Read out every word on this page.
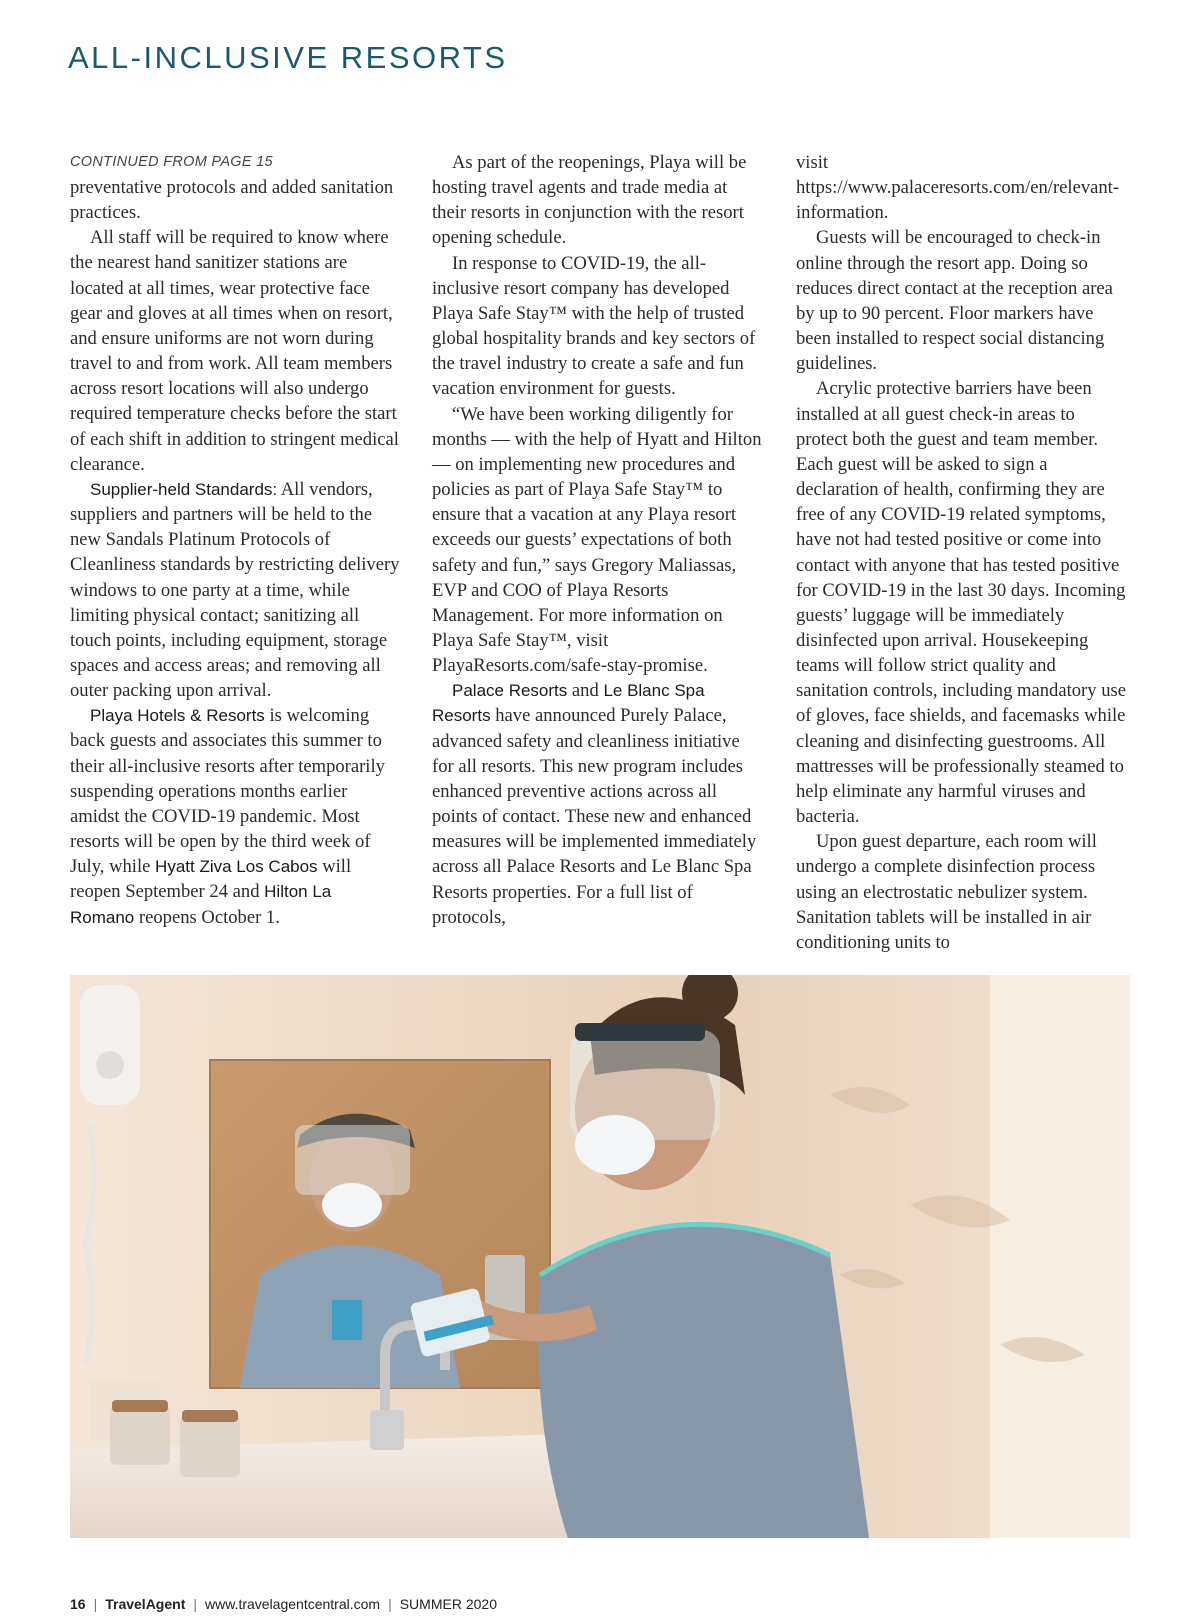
ALL-INCLUSIVE RESORTS
CONTINUED FROM PAGE 15

preventative protocols and added sanitation practices.

All staff will be required to know where the nearest hand sanitizer stations are located at all times, wear protective face gear and gloves at all times when on resort, and ensure uniforms are not worn during travel to and from work. All team members across resort locations will also undergo required temperature checks before the start of each shift in addition to stringent medical clearance.

Supplier-held Standards: All vendors, suppliers and partners will be held to the new Sandals Platinum Protocols of Cleanliness standards by restricting delivery windows to one party at a time, while limiting physical contact; sanitizing all touch points, including equipment, storage spaces and access areas; and removing all outer packing upon arrival.

Playa Hotels & Resorts is welcoming back guests and associates this summer to their all-inclusive resorts after temporarily suspending operations months earlier amidst the COVID-19 pandemic. Most resorts will be open by the third week of July, while Hyatt Ziva Los Cabos will reopen September 24 and Hilton La Romano reopens October 1.

As part of the reopenings, Playa will be hosting travel agents and trade media at their resorts in conjunction with the resort opening schedule.

In response to COVID-19, the all-inclusive resort company has developed Playa Safe Stay™ with the help of trusted global hospitality brands and key sectors of the travel industry to create a safe and fun vacation environment for guests.

“We have been working diligently for months — with the help of Hyatt and Hilton — on implementing new procedures and policies as part of Playa Safe Stay™ to ensure that a vacation at any Playa resort exceeds our guests’ expectations of both safety and fun,” says Gregory Maliassas, EVP and COO of Playa Resorts Management. For more information on Playa Safe Stay™, visit PlayaResorts.com/safe-stay-promise.

Palace Resorts and Le Blanc Spa Resorts have announced Purely Palace, advanced safety and cleanliness initiative for all resorts. This new program includes enhanced preventive actions across all points of contact. These new and enhanced measures will be implemented immediately across all Palace Resorts and Le Blanc Spa Resorts properties. For a full list of protocols,

visit https://www.palaceresorts.com/en/relevant-information.

Guests will be encouraged to check-in online through the resort app. Doing so reduces direct contact at the reception area by up to 90 percent. Floor markers have been installed to respect social distancing guidelines.

Acrylic protective barriers have been installed at all guest check-in areas to protect both the guest and team member. Each guest will be asked to sign a declaration of health, confirming they are free of any COVID-19 related symptoms, have not had tested positive or come into contact with anyone that has tested positive for COVID-19 in the last 30 days. Incoming guests’ luggage will be immediately disinfected upon arrival. Housekeeping teams will follow strict quality and sanitation controls, including mandatory use of gloves, face shields, and facemasks while cleaning and disinfecting guestrooms. All mattresses will be professionally steamed to help eliminate any harmful viruses and bacteria.

Upon guest departure, each room will undergo a complete disinfection process using an electrostatic nebulizer system. Sanitation tablets will be installed in air conditioning units to

16 | TravelAgent | www.travelagentcentral.com | SUMMER 2020
